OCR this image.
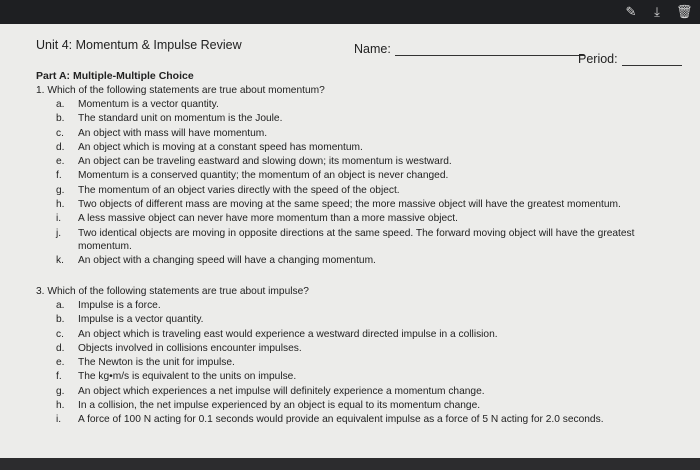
✎	⤓	🗑
Unit 4: Momentum & Impulse Review	Name:
Period:
Part A: Multiple-Multiple Choice
1. Which of the following statements are true about momentum?
a.	Momentum is a vector quantity.
b.	The standard unit on momentum is the Joule.
c.	An object with mass will have momentum.
d.	An object which is moving at a constant speed has momentum.
e.	An object can be traveling eastward and slowing down; its momentum is westward.
f.	Momentum is a conserved quantity; the momentum of an object is never changed.
g.	The momentum of an object varies directly with the speed of the object.
h.	Two objects of different mass are moving at the same speed; the more massive object will have the greatest momentum.
i.	A less massive object can never have more momentum than a more massive object.
j.	Two identical objects are moving in opposite directions at the same speed. The forward moving object will have the greatest momentum.
k.	An object with a changing speed will have a changing momentum.
3. Which of the following statements are true about impulse?
a.	Impulse is a force.
b.	Impulse is a vector quantity.
c.	An object which is traveling east would experience a westward directed impulse in a collision.
d.	Objects involved in collisions encounter impulses.
e.	The Newton is the unit for impulse.
f.	The kg•m/s is equivalent to the units on impulse.
g.	An object which experiences a net impulse will definitely experience a momentum change.
h.	In a collision, the net impulse experienced by an object is equal to its momentum change.
i.	A force of 100 N acting for 0.1 seconds would provide an equivalent impulse as a force of 5 N acting for 2.0 seconds.
